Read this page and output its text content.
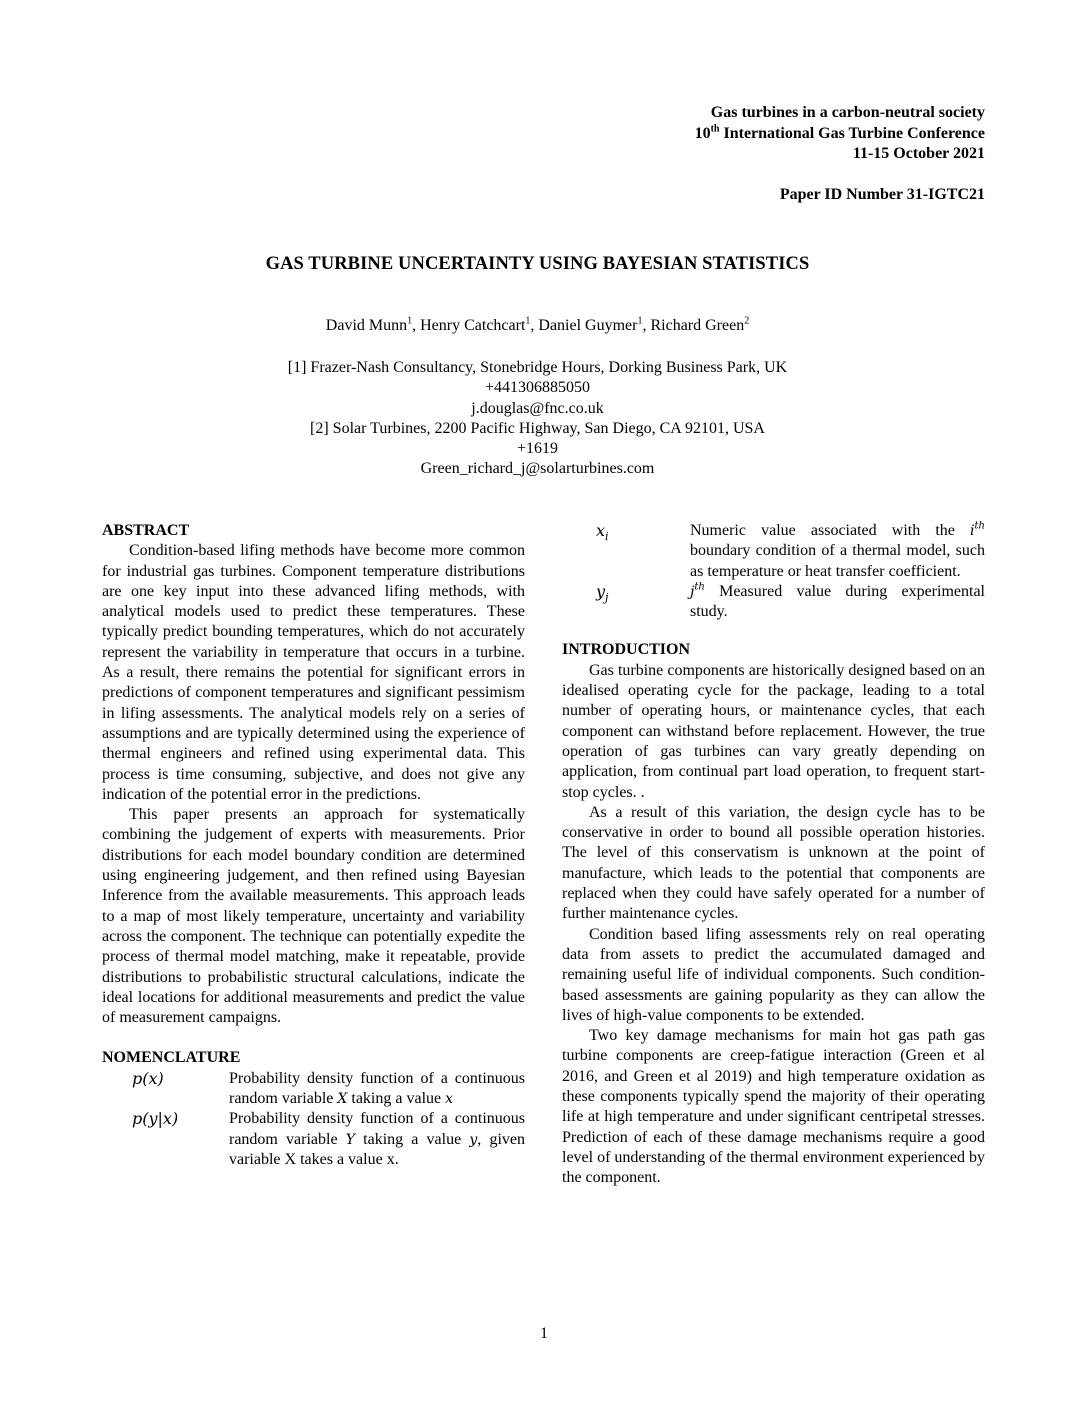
Gas turbines in a carbon-neutral society
10th International Gas Turbine Conference
11-15 October 2021
Paper ID Number 31-IGTC21
GAS TURBINE UNCERTAINTY USING BAYESIAN STATISTICS
David Munn$^1$, Henry Catchcart$^1$, Daniel Guymer$^1$, Richard Green$^2$
[1] Frazer-Nash Consultancy, Stonebridge Hours, Dorking Business Park, UK
+441306885050
j.douglas@fnc.co.uk
[2] Solar Turbines, 2200 Pacific Highway, San Diego, CA 92101, USA
+1619
Green_richard_j@solarturbines.com
ABSTRACT

Condition-based lifing methods have become more common for industrial gas turbines. Component temperature distributions are one key input into these advanced lifing methods, with analytical models used to predict these temperatures. These typically predict bounding temperatures, which do not accurately represent the variability in temperature that occurs in a turbine. As a result, there remains the potential for significant errors in predictions of component temperatures and significant pessimism in lifing assessments. The analytical models rely on a series of assumptions and are typically determined using the experience of thermal engineers and refined using experimental data. This process is time consuming, subjective, and does not give any indication of the potential error in the predictions.

This paper presents an approach for systematically combining the judgement of experts with measurements. Prior distributions for each model boundary condition are determined using engineering judgement, and then refined using Bayesian Inference from the available measurements. This approach leads to a map of most likely temperature, uncertainty and variability across the component. The technique can potentially expedite the process of thermal model matching, make it repeatable, provide distributions to probabilistic structural calculations, indicate the ideal locations for additional measurements and predict the value of measurement campaigns.

NOMENCLATURE
p(x)	Probability density function of a continuous random variable X taking a value x
p(y|x)	Probability density function of a continuous random variable Y taking a value y, given variable X takes a value x.
$x_i$	Numeric value associated with the $i^{th}$ boundary condition of a thermal model, such as temperature or heat transfer coefficient.
$y_j$	$j^{th}$ Measured value during experimental study.
INTRODUCTION

Gas turbine components are historically designed based on an idealised operating cycle for the package, leading to a total number of operating hours, or maintenance cycles, that each component can withstand before replacement. However, the true operation of gas turbines can vary greatly depending on application, from continual part load operation, to frequent start-stop cycles. .

As a result of this variation, the design cycle has to be conservative in order to bound all possible operation histories. The level of this conservatism is unknown at the point of manufacture, which leads to the potential that components are replaced when they could have safely operated for a number of further maintenance cycles.

Condition based lifing assessments rely on real operating data from assets to predict the accumulated damaged and remaining useful life of individual components. Such condition-based assessments are gaining popularity as they can allow the lives of high-value components to be extended.

Two key damage mechanisms for main hot gas path gas turbine components are creep-fatigue interaction (Green et al 2016, and Green et al 2019) and high temperature oxidation as these components typically spend the majority of their operating life at high temperature and under significant centripetal stresses. Prediction of each of these damage mechanisms require a good level of understanding of the thermal environment experienced by the component.

1
